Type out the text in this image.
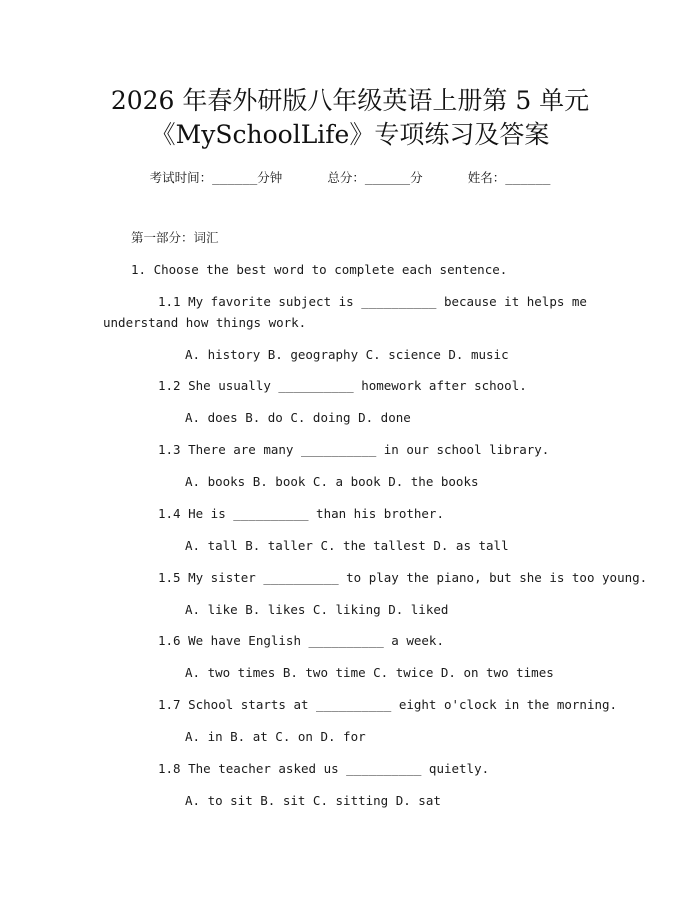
2026 年春外研版八年级英语上册第 5 单元
《MySchoolLife》专项练习及答案
考试时间：______分钟      总分：______分      姓名：______
第一部分：词汇
1. Choose the best word to complete each sentence.
1.1 My favorite subject is __________ because it helps me
understand how things work.
A. history B. geography C. science D. music
1.2 She usually __________ homework after school.
A. does B. do C. doing D. done
1.3 There are many __________ in our school library.
A. books B. book C. a book D. the books
1.4 He is __________ than his brother.
A. tall B. taller C. the tallest D. as tall
1.5 My sister __________ to play the piano, but she is too young.
A. like B. likes C. liking D. liked
1.6 We have English __________ a week.
A. two times B. two time C. twice D. on two times
1.7 School starts at __________ eight o'clock in the morning.
A. in B. at C. on D. for
1.8 The teacher asked us __________ quietly.
A. to sit B. sit C. sitting D. sat
